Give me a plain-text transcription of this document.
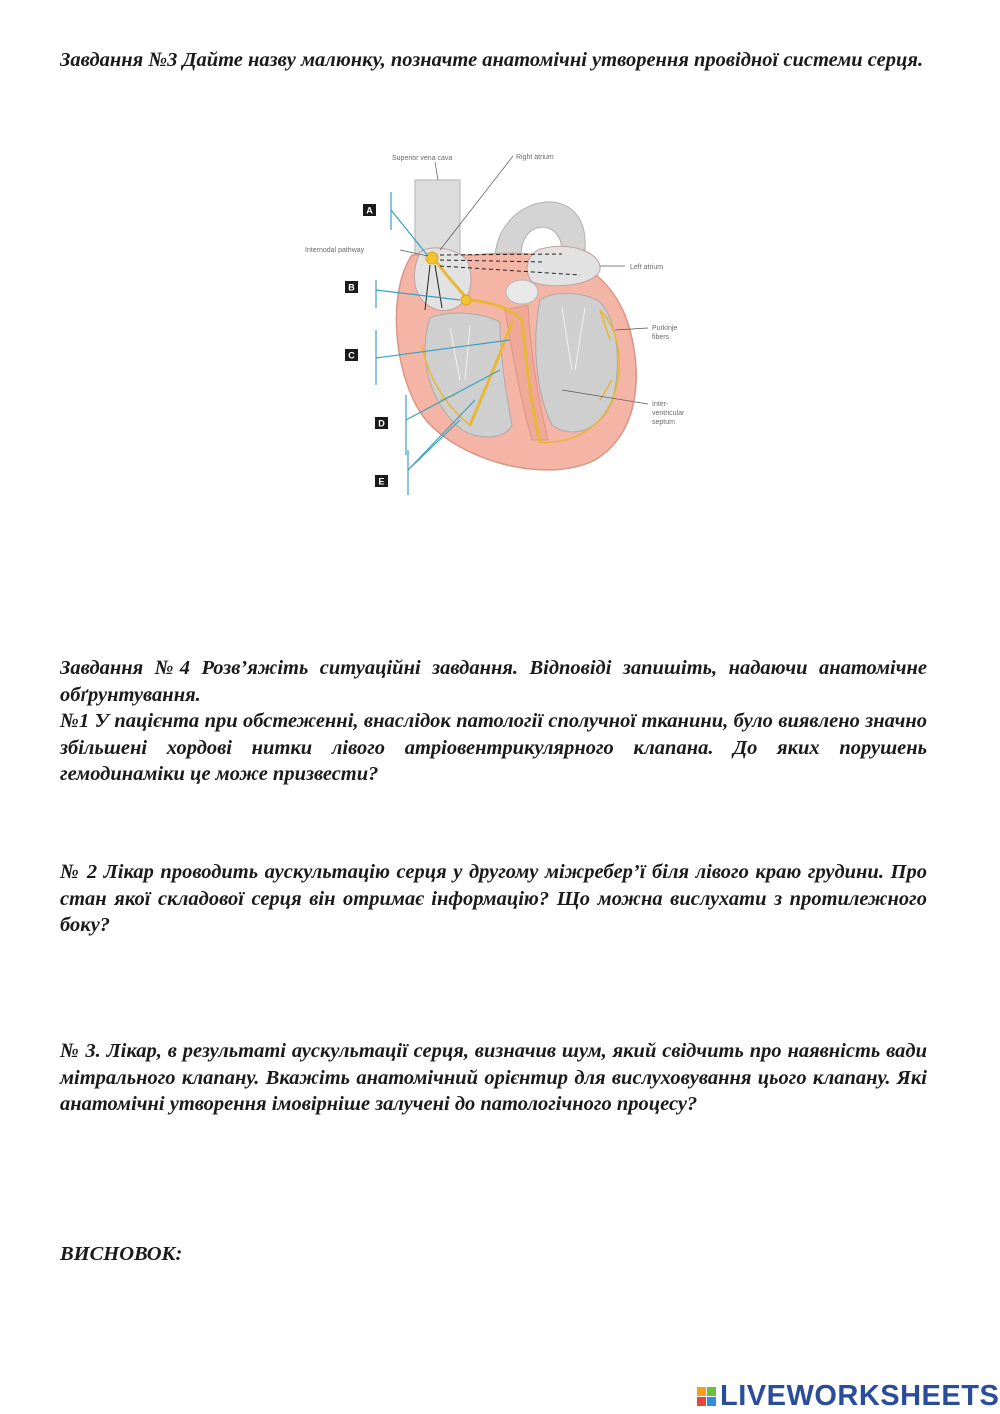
Завдання №3 Дайте назву малюнку, позначте анатомічні утворення провідної системи серця.

Superior vena cava	Right atrium
Internodal pathway
Left atrium
Purkinje
fibers
Inter-
ventricular
septum
A
B
C
D
E

Завдання №4 Розв’яжіть ситуаційні завдання. Відповіді запишіть, надаючи анатомічне обґрунтування.

№1 У пацієнта при обстеженні, внаслідок патології сполучної тканини, було виявлено значно збільшені хордові нитки лівого атріовентрикулярного клапана. До яких порушень гемодинаміки це може призвести?

№ 2 Лікар проводить аускультацію серця у другому міжребер’ї біля лівого краю грудини. Про стан якої складової серця він отримає інформацію? Що можна вислухати з протилежного боку?

№ 3. Лікар, в результаті аускультації серця, визначив шум, який свідчить про наявність вади мітрального клапану. Вкажіть анатомічний орієнтир для вислуховування цього клапану. Які анатомічні утворення імовірніше залучені до патологічного процесу?

ВИСНОВОК:

LIVEWORKSHEETS
